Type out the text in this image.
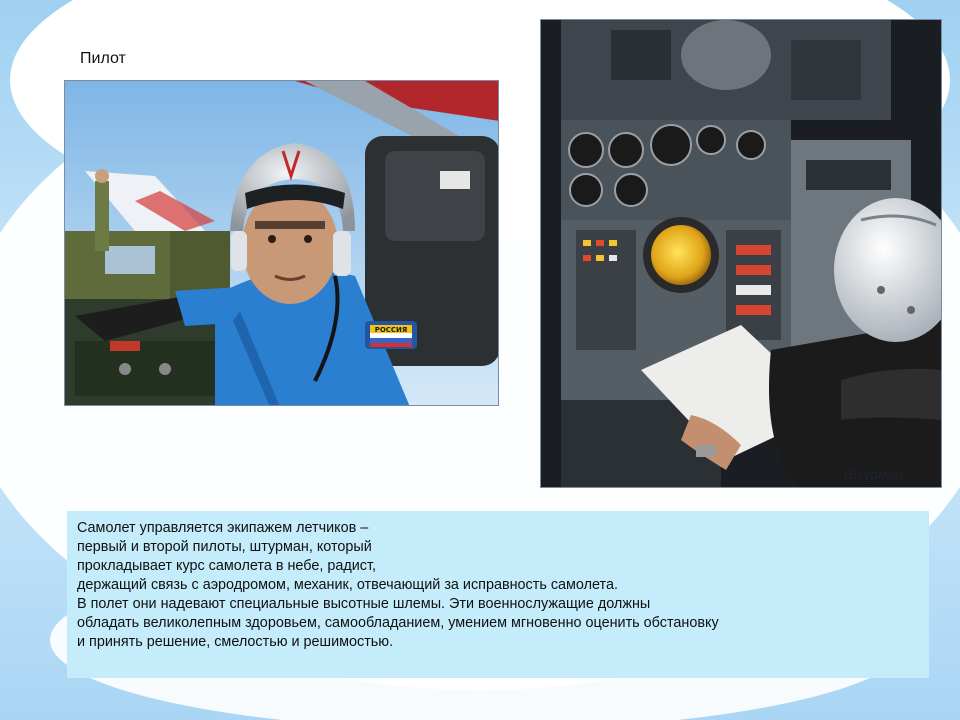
Пилот
РОССИЯ
Штурман

Самолет управляется экипажем летчиков –

первый и второй пилоты, штурман, который

прокладывает курс самолета в небе, радист,

держащий связь с аэродромом, механик, отвечающий за исправность самолета.

В полет они надевают специальные высотные шлемы. Эти военнослужащие должны

обладать великолепным здоровьем, самообладанием, умением мгновенно оценить обстановку

и принять решение, смелостью и решимостью.
